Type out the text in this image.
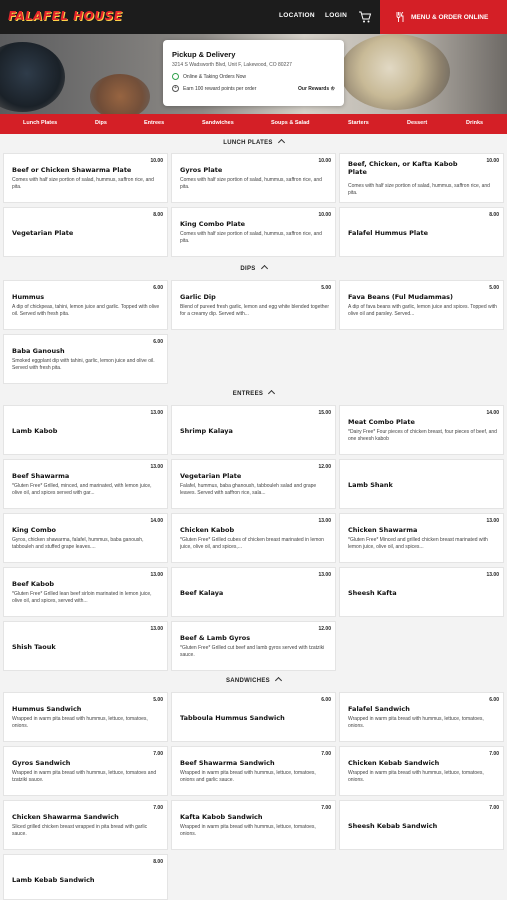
FALAFEL HOUSE	LOCATION LOGIN	MENU & ORDER ONLINE
Pickup & Delivery
3214 S Wadsworth Blvd, Unit F, Lakewood, CO 80227
Online & Taking Orders Now
+	Earn 100 reward points per order	Our Rewards ♔
Lunch Plates	Dips	Entrees	Sandwiches	Soups & Salad	Starters	Dessert	Drinks
LUNCH PLATES
10.00
Beef or Chicken Shawarma Plate
Comes with half size portion of salad, hummus, saffron rice, and pita.
10.00
Gyros Plate
Comes with half size portion of salad, hummus, saffron rice, and pita.
10.00
Beef, Chicken, or Kafta Kabob Plate
Comes with half size portion of salad, hummus, saffron rice, and pita.
8.00
Vegetarian Plate
10.00
King Combo Plate
Comes with half size portion of salad, hummus, saffron rice, and pita.
8.00
Falafel Hummus Plate
DIPS
6.00
Hummus
A dip of chickpeas, tahini, lemon juice and garlic. Topped with olive oil. Served with fresh pita.
5.00
Garlic Dip
Blend of pureed fresh garlic, lemon and egg white blended together for a creamy dip. Served with...
5.00
Fava Beans (Ful Mudammas)
A dip of fava beans with garlic, lemon juice and spices. Topped with olive oil and parsley. Served...
6.00
Baba Ganoush
Smoked eggplant dip with tahini, garlic, lemon juice and olive oil. Served with fresh pita.
ENTREES
13.00
Lamb Kabob
15.00
Shrimp Kalaya
14.00
Meat Combo Plate
*Dairy Free* Four pieces of chicken breast, four pieces of beef, and one sheesh kabob
13.00
Beef Shawarma
*Gluten Free* Grilled, minced, and marinated, with lemon juice, olive oil, and spices served with gar...
12.00
Vegetarian Plate
Falafel, hummus, baba ghanoush, tabbouleh salad and grape leaves. Served with saffron rice, sala...
Lamb Shank
14.00
King Combo
Gyros, chicken shawarma, falafel, hummus, baba ganoush, tabbouleh and stuffed grape leaves....
13.00
Chicken Kabob
*Gluten Free* Grilled cubes of chicken breast marinated in lemon juice, olive oil, and spices,...
13.00
Chicken Shawarma
*Gluten Free* Minced and grilled chicken breast marinated with lemon juice, olive oil, and spices...
13.00
Beef Kabob
*Gluten Free* Grilled lean beef sirloin marinated in lemon juice, olive oil, and spices, served with...
13.00
Beef Kalaya
13.00
Sheesh Kafta
13.00
Shish Taouk
12.00
Beef & Lamb Gyros
*Gluten Free* Grilled cut beef and lamb gyros served with tzatziki sauce.
SANDWICHES
5.00
Hummus Sandwich
Wrapped in warm pita bread with hummus, lettuce, tomatoes, onions.
6.00
Tabboula Hummus Sandwich
6.00
Falafel Sandwich
Wrapped in warm pita bread with hummus, lettuce, tomatoes, onions.
7.00
Gyros Sandwich
Wrapped in warm pita bread with hummus, lettuce, tomatoes and tzatziki sauce.
7.00
Beef Shawarma Sandwich
Wrapped in warm pita bread with hummus, lettuce, tomatoes, onions and garlic sauce.
7.00
Chicken Kebab Sandwich
Wrapped in warm pita bread with hummus, lettuce, tomatoes, onions.
7.00
Chicken Shawarma Sandwich
Sliced grilled chicken breast wrapped in pita bread with garlic sauce.
7.00
Kafta Kabob Sandwich
Wrapped in warm pita bread with hummus, lettuce, tomatoes, onions.
7.00
Sheesh Kebab Sandwich
8.00
Lamb Kebab Sandwich
